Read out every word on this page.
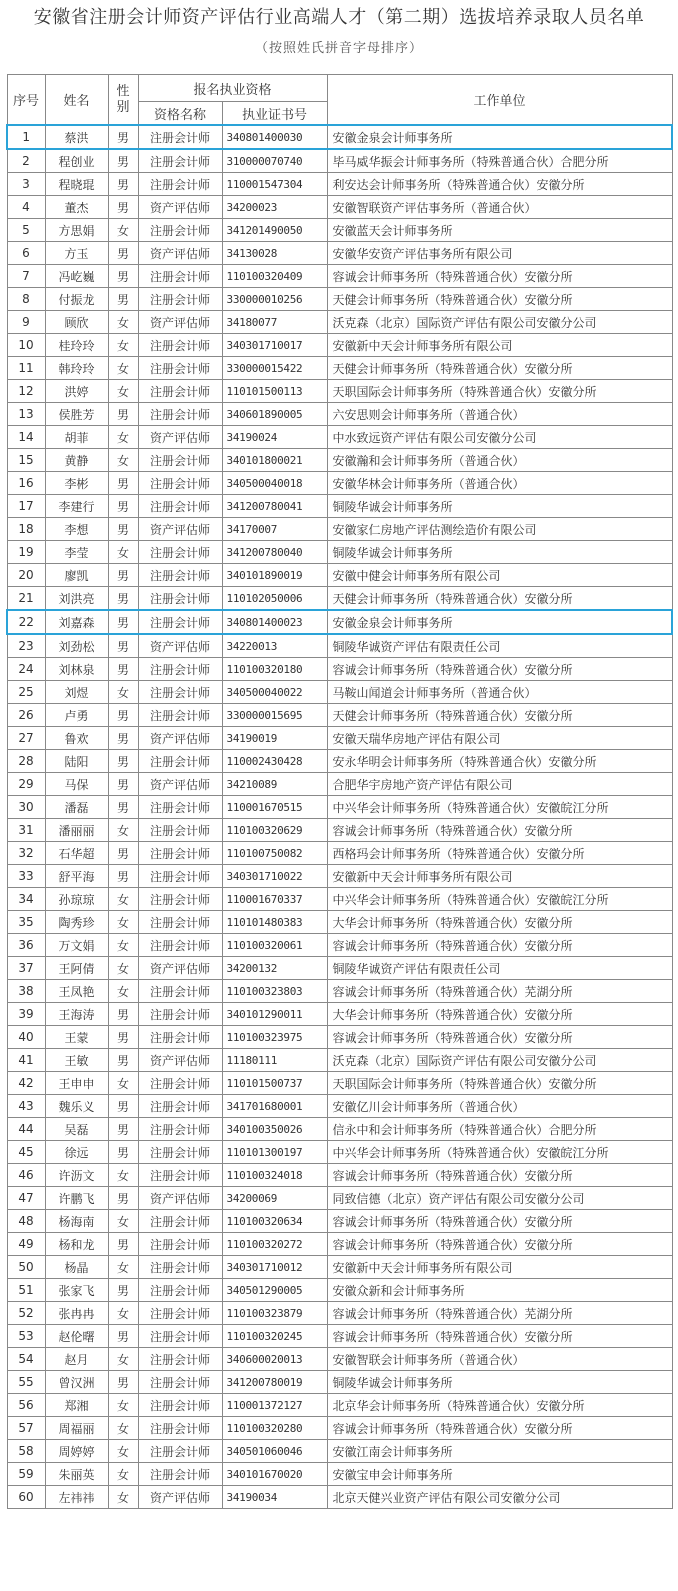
安徽省注册会计师资产评估行业高端人才（第二期）选拔培养录取人员名单
（按照姓氏拼音字母排序）
序号	姓名	性别	报名执业资格		工作单位
			资格名称	执业证书号	
1	蔡洪	男	注册会计师	340801400030	安徽金泉会计师事务所
2	程创业	男	注册会计师	310000070740	毕马威华振会计师事务所（特殊普通合伙）合肥分所
3	程晓琨	男	注册会计师	110001547304	利安达会计师事务所（特殊普通合伙）安徽分所
4	董杰	男	资产评估师	34200023	安徽智联资产评估事务所（普通合伙）
5	方思娟	女	注册会计师	341201490050	安徽蓝天会计师事务所
6	方玉	男	资产评估师	34130028	安徽华安资产评估事务所有限公司
7	冯屹巍	男	注册会计师	110100320409	容诚会计师事务所（特殊普通合伙）安徽分所
8	付振龙	男	注册会计师	330000010256	天健会计师事务所（特殊普通合伙）安徽分所
9	顾欣	女	资产评估师	34180077	沃克森（北京）国际资产评估有限公司安徽分公司
10	桂玲玲	女	注册会计师	340301710017	安徽新中天会计师事务所有限公司
11	韩玲玲	女	注册会计师	330000015422	天健会计师事务所（特殊普通合伙）安徽分所
12	洪婷	女	注册会计师	110101500113	天职国际会计师事务所（特殊普通合伙）安徽分所
13	侯胜芳	男	注册会计师	340601890005	六安思则会计师事务所（普通合伙）
14	胡菲	女	资产评估师	34190024	中水致远资产评估有限公司安徽分公司
15	黄静	女	注册会计师	340101800021	安徽瀚和会计师事务所（普通合伙）
16	李彬	男	注册会计师	340500040018	安徽华林会计师事务所（普通合伙）
17	李建行	男	注册会计师	341200780041	铜陵华诚会计师事务所
18	李想	男	资产评估师	34170007	安徽家仁房地产评估测绘造价有限公司
19	李莹	女	注册会计师	341200780040	铜陵华诚会计师事务所
20	廖凯	男	注册会计师	340101890019	安徽中健会计师事务所有限公司
21	刘洪亮	男	注册会计师	110102050006	天健会计师事务所（特殊普通合伙）安徽分所
22	刘嘉森	男	注册会计师	340801400023	安徽金泉会计师事务所
23	刘劲松	男	资产评估师	34220013	铜陵华诚资产评估有限责任公司
24	刘林泉	男	注册会计师	110100320180	容诚会计师事务所（特殊普通合伙）安徽分所
25	刘煜	女	注册会计师	340500040022	马鞍山闻道会计师事务所（普通合伙）
26	卢勇	男	注册会计师	330000015695	天健会计师事务所（特殊普通合伙）安徽分所
27	鲁欢	男	资产评估师	34190019	安徽天瑞华房地产评估有限公司
28	陆阳	男	注册会计师	110002430428	安永华明会计师事务所（特殊普通合伙）安徽分所
29	马保	男	资产评估师	34210089	合肥华宇房地产资产评估有限公司
30	潘磊	男	注册会计师	110001670515	中兴华会计师事务所（特殊普通合伙）安徽皖江分所
31	潘丽丽	女	注册会计师	110100320629	容诚会计师事务所（特殊普通合伙）安徽分所
32	石华超	男	注册会计师	110100750082	西格玛会计师事务所（特殊普通合伙）安徽分所
33	舒平海	男	注册会计师	340301710022	安徽新中天会计师事务所有限公司
34	孙琼琼	女	注册会计师	110001670337	中兴华会计师事务所（特殊普通合伙）安徽皖江分所
35	陶秀珍	女	注册会计师	110101480383	大华会计师事务所（特殊普通合伙）安徽分所
36	万文娟	女	注册会计师	110100320061	容诚会计师事务所（特殊普通合伙）安徽分所
37	王阿倩	女	资产评估师	34200132	铜陵华诚资产评估有限责任公司
38	王凤艳	女	注册会计师	110100323803	容诚会计师事务所（特殊普通合伙）芜湖分所
39	王海涛	男	注册会计师	340101290011	大华会计师事务所（特殊普通合伙）安徽分所
40	王蒙	男	注册会计师	110100323975	容诚会计师事务所（特殊普通合伙）安徽分所
41	王敏	男	资产评估师	11180111	沃克森（北京）国际资产评估有限公司安徽分公司
42	王申申	女	注册会计师	110101500737	天职国际会计师事务所（特殊普通合伙）安徽分所
43	魏乐义	男	注册会计师	341701680001	安徽亿川会计师事务所（普通合伙）
44	吴磊	男	注册会计师	340100350026	信永中和会计师事务所（特殊普通合伙）合肥分所
45	徐远	男	注册会计师	110101300197	中兴华会计师事务所（特殊普通合伙）安徽皖江分所
46	许沥文	女	注册会计师	110100324018	容诚会计师事务所（特殊普通合伙）安徽分所
47	许鹏飞	男	资产评估师	34200069	同致信德（北京）资产评估有限公司安徽分公司
48	杨海南	女	注册会计师	110100320634	容诚会计师事务所（特殊普通合伙）安徽分所
49	杨和龙	男	注册会计师	110100320272	容诚会计师事务所（特殊普通合伙）安徽分所
50	杨晶	女	注册会计师	340301710012	安徽新中天会计师事务所有限公司
51	张家飞	男	注册会计师	340501290005	安徽众新和会计师事务所
52	张冉冉	女	注册会计师	110100323879	容诚会计师事务所（特殊普通合伙）芜湖分所
53	赵伦曙	男	注册会计师	110100320245	容诚会计师事务所（特殊普通合伙）安徽分所
54	赵月	女	注册会计师	340600020013	安徽智联会计师事务所（普通合伙）
55	曾汉洲	男	注册会计师	341200780019	铜陵华诚会计师事务所
56	郑湘	女	注册会计师	110001372127	北京华会计师事务所（特殊普通合伙）安徽分所
57	周福丽	女	注册会计师	110100320280	容诚会计师事务所（特殊普通合伙）安徽分所
58	周婷婷	女	注册会计师	340501060046	安徽江南会计师事务所
59	朱丽英	女	注册会计师	340101670020	安徽宝申会计师事务所
60	左祎祎	女	资产评估师	34190034	北京天健兴业资产评估有限公司安徽分公司
